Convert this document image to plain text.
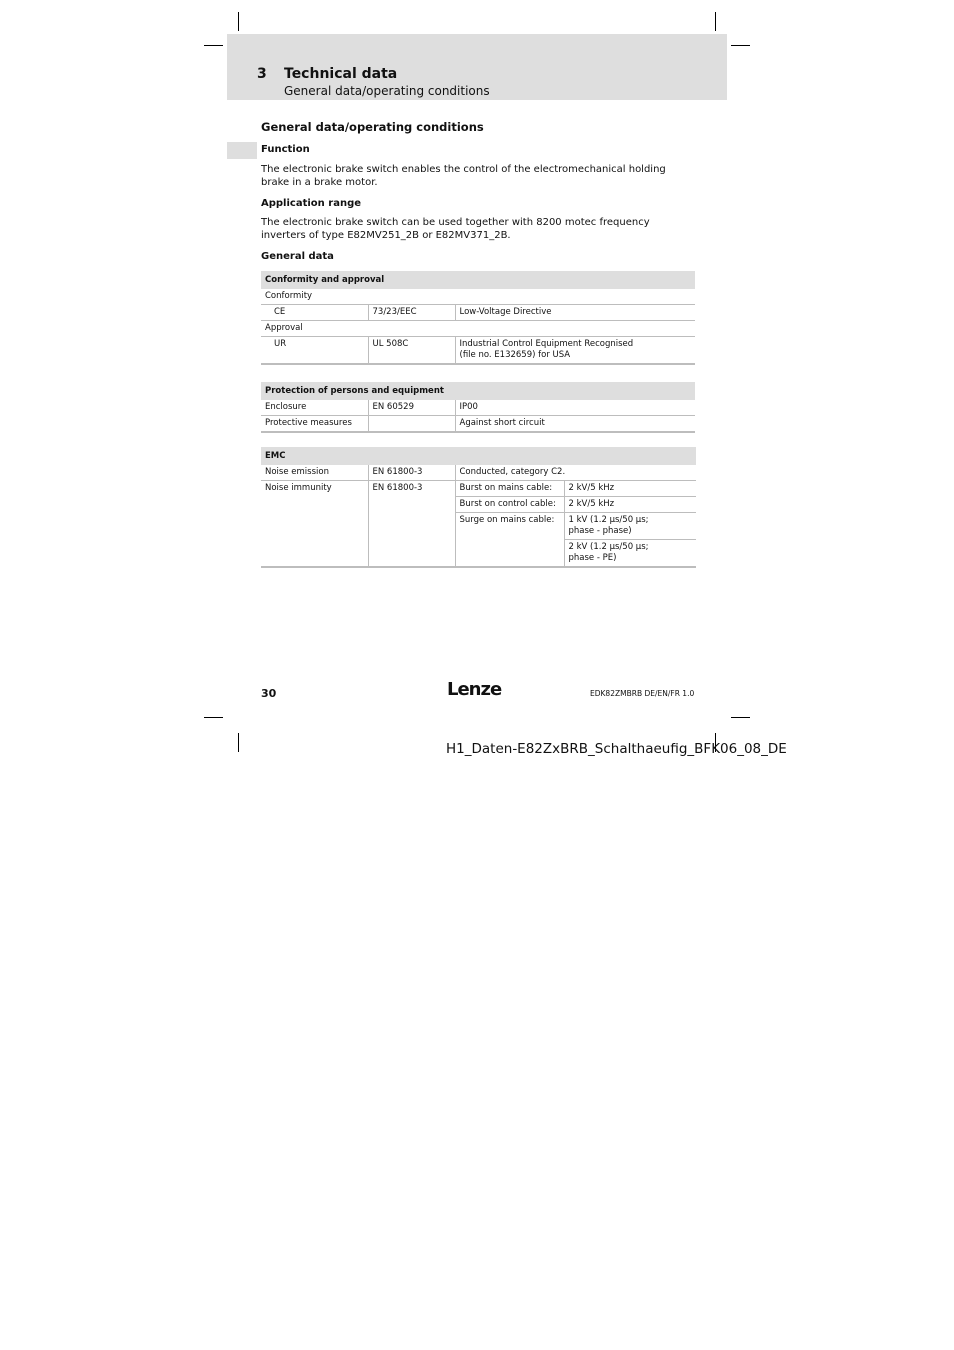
3 Technical data
General data/operating conditions
General data/operating conditions
Function
The electronic brake switch enables the control of the electromechanical holding brake in a brake motor.
Application range
The electronic brake switch can be used together with 8200 motec frequency inverters of type E82MV251_2B or E82MV371_2B.
General data
Conformity and approval		
Conformity		
CE	73/23/EEC	Low-Voltage Directive
Approval		
UR	UL 508C	Industrial Control Equipment Recognised
(file no. E132659) for USA
Protection of persons and equipment		
Enclosure	EN 60529	IP00
Protective measures		Against short circuit
EMC			
Noise emission	EN 61800-3	Conducted, category C2.	
Noise immunity	EN 61800-3	Burst on mains cable:	2 kV/5 kHz
		Burst on control cable:	2 kV/5 kHz
		Surge on mains cable:	1 kV (1.2 µs/50 µs;
phase - phase)

			2 kV (1.2 µs/50 µs;
phase - PE)
30	Lenze	EDK82ZMBRB DE/EN/FR 1.0
H1_Daten-E82ZxBRB_Schalthaeufig_BFK06_08_DE
